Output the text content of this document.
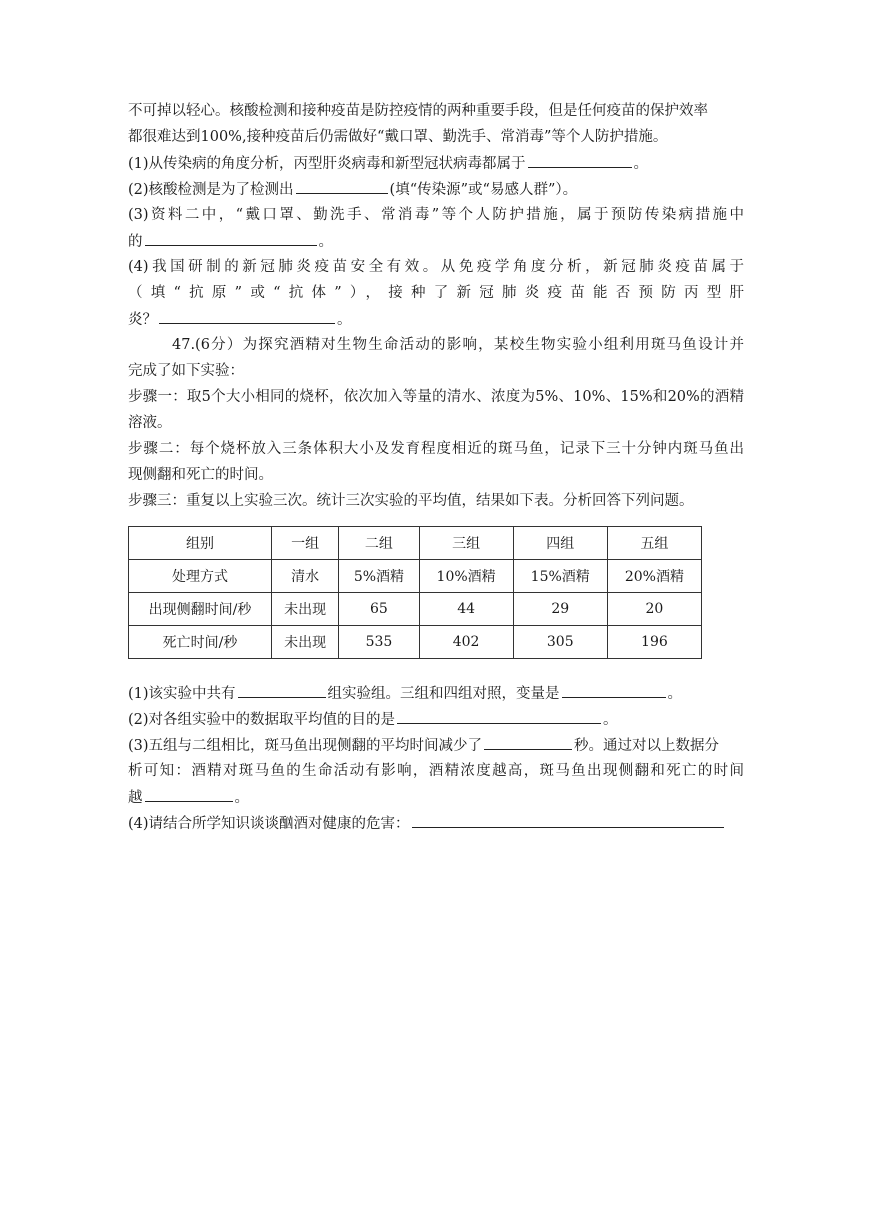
不可掉以轻心。核酸检测和接种疫苗是防控疫情的两种重要手段，但是任何疫苗的保护效率
都很难达到100%,接种疫苗后仍需做好“戴口罩、勤洗手、常消毒”等个人防护措施。
(1)从传染病的角度分析，丙型肝炎病毒和新型冠状病毒都属于	。
(2)核酸检测是为了检测出	(填“传染源”或“易感人群”）。
(3)资料二中，“戴口罩、勤洗手、常消毒”等个人防护措施，属于预防传染病措施中
的	。
(4)我国研制的新冠肺炎疫苗安全有效。从免疫学角度分析，新冠肺炎疫苗属于
（填“抗原”或“抗体”），接种了新冠肺炎疫苗能否预防丙型肝
炎？	。
47.(6分）为探究酒精对生物生命活动的影响，某校生物实验小组利用斑马鱼设计并
完成了如下实验：
步骤一：取5个大小相同的烧杯，依次加入等量的清水、浓度为5%、10%、15%和20%的酒精
溶液。
步骤二：每个烧杯放入三条体积大小及发育程度相近的斑马鱼，记录下三十分钟内斑马鱼出
现侧翻和死亡的时间。
步骤三：重复以上实验三次。统计三次实验的平均值，结果如下表。分析回答下列问题。
组别	一组	二组	三组	四组	五组
处理方式	清水	5%酒精	10%酒精	15%酒精	20%酒精
出现侧翻时间/秒	未出现	65	44	29	20
死亡时间/秒	未出现	535	402	305	196
(1)该实验中共有	组实验组。三组和四组对照，变量是	。
(2)对各组实验中的数据取平均值的目的是	。
(3)五组与二组相比，斑马鱼出现侧翻的平均时间减少了	秒。通过对以上数据分
析可知：酒精对斑马鱼的生命活动有影响，酒精浓度越高，斑马鱼出现侧翻和死亡的时间
越	。
(4)请结合所学知识谈谈酗酒对健康的危害：
